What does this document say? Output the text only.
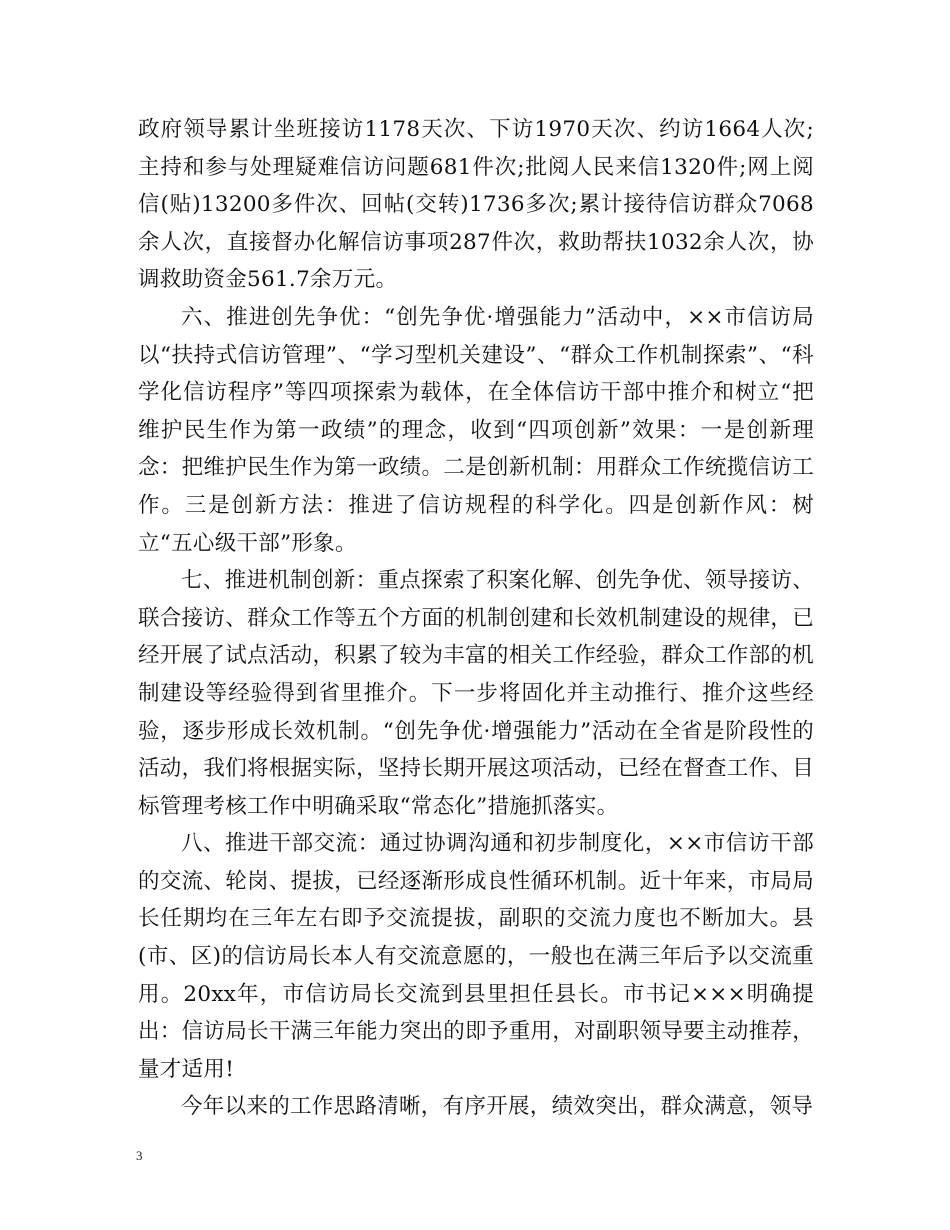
政府领导累计坐班接访1178天次、下访1970天次、约访1664人次;主持和参与处理疑难信访问题681件次;批阅人民来信1320件;网上阅信(贴)13200多件次、回帖(交转)1736多次;累计接待信访群众7068余人次，直接督办化解信访事项287件次，救助帮扶1032余人次，协调救助资金561.7余万元。

六、推进创先争优：“创先争优·增强能力”活动中，××市信访局以“扶持式信访管理”、“学习型机关建设”、“群众工作机制探索”、“科学化信访程序”等四项探索为载体，在全体信访干部中推介和树立“把维护民生作为第一政绩”的理念，收到“四项创新”效果：一是创新理念：把维护民生作为第一政绩。二是创新机制：用群众工作统揽信访工作。三是创新方法：推进了信访规程的科学化。四是创新作风：树立“五心级干部”形象。

七、推进机制创新：重点探索了积案化解、创先争优、领导接访、联合接访、群众工作等五个方面的机制创建和长效机制建设的规律，已经开展了试点活动，积累了较为丰富的相关工作经验，群众工作部的机制建设等经验得到省里推介。下一步将固化并主动推行、推介这些经验，逐步形成长效机制。“创先争优·增强能力”活动在全省是阶段性的活动，我们将根据实际，坚持长期开展这项活动，已经在督查工作、目标管理考核工作中明确采取“常态化”措施抓落实。

八、推进干部交流：通过协调沟通和初步制度化，××市信访干部的交流、轮岗、提拔，已经逐渐形成良性循环机制。近十年来，市局局长任期均在三年左右即予交流提拔，副职的交流力度也不断加大。县(市、区)的信访局长本人有交流意愿的，一般也在满三年后予以交流重用。20xx年，市信访局长交流到县里担任县长。市书记×××明确提出：信访局长干满三年能力突出的即予重用，对副职领导要主动推荐，量才适用!

今年以来的工作思路清晰，有序开展，绩效突出，群众满意，领导

3
